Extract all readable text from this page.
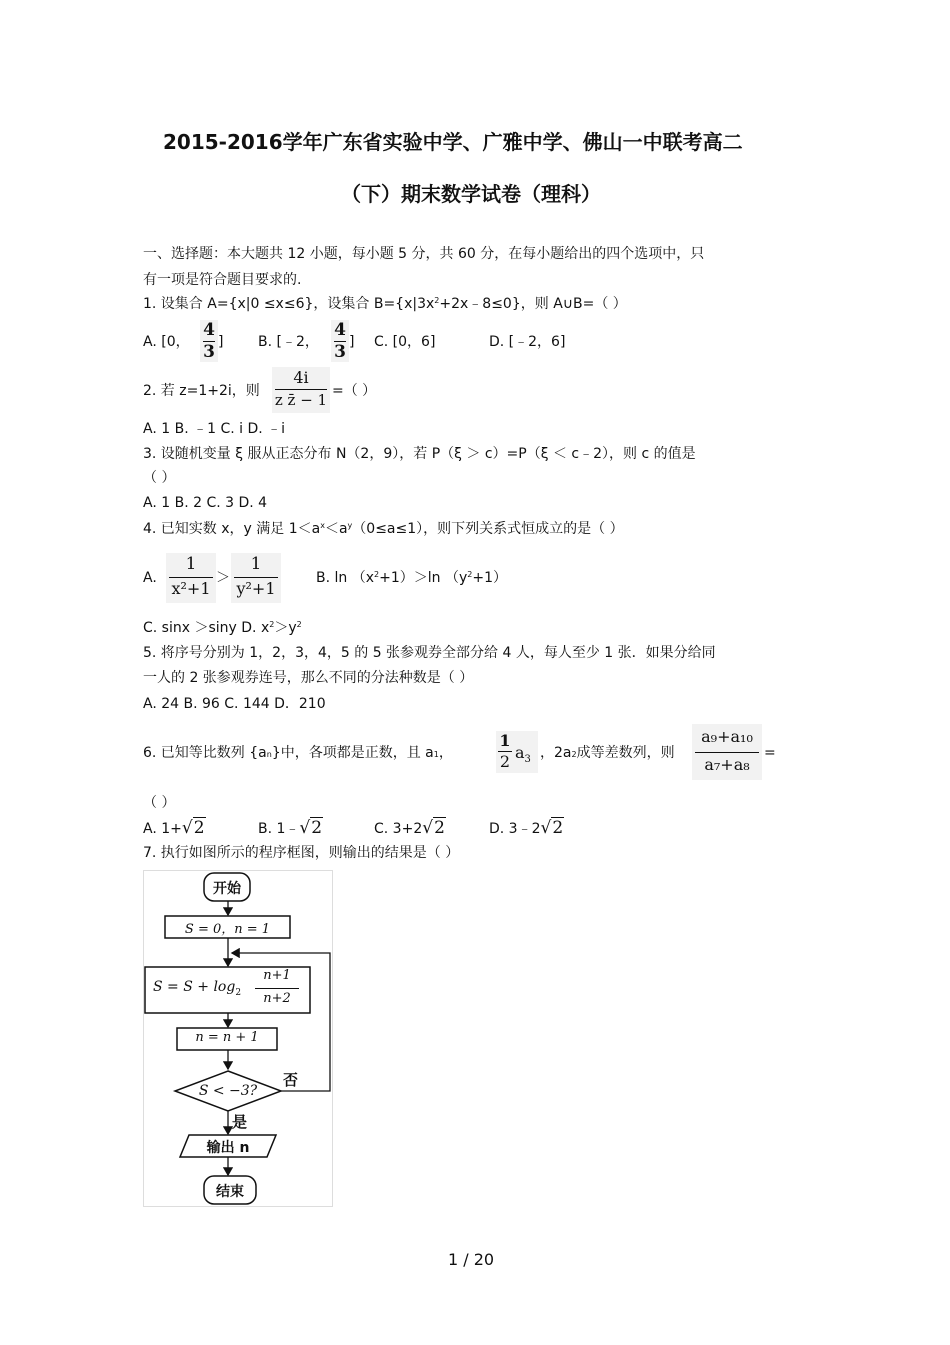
2015-2016学年广东省实验中学、广雅中学、佛山一中联考高二
（下）期末数学试卷（理科）
一、选择题：本大题共 12 小题，每小题 5 分，共 60 分，在每小题给出的四个选项中，只
有一项是符合题目要求的.
1. 设集合 A={x|0 ≤x≤6}，设集合 $B=\{x|3x^2+2x﹣8\le 0\}$，则 A∪B=（ ）
A. [0，
4
3 ] B. [﹣2，
4
3 ] C. [0，6]	D. [﹣2，6]
2. 若 z=1+2i，则
4i
z z̄ − 1 =（ ）
A. 1 B. ﹣1 C. i D. ﹣i
3. 设随机变量 ξ 服从正态分布 N（2，9），若 P（ξ ＞ c）=P（ξ ＜ c﹣2），则 c 的值是
（ ）
A. 1 B. 2 C. 3 D. 4
4. 已知实数 x，y 满足 $1<a^x<a^y(0\le a\le 1)$，则下列关系式恒成立的是（ ）
A.
1
x²+1
＞
1
y²+1
B. $\ln (x^2+1)>\ln$ $(y^2+1)$
C. sinx ＞siny D. $x^2>y^2$
5. 将序号分别为 1，2，3，4，5 的 5 张参观券全部分给 4 人，每人至少 1 张．如果分给同
一人的 2 张参观券连号，那么不同的分法种数是（ ）
A. 24 B. 96 C. 144 D．210
6. 已知等比数列 {an}中，各项都是正数，且 a1，
1
2 $a_3$ ，2a2成等差数列，则
a₉+a₁₀
a₇+a₈
=
（ ）
A. 1+√2	B. 1﹣√2	C. 3+2√2	D. 3﹣2√2
7. 执行如图所示的程序框图，则输出的结果是（ ）
开始
S = 0，n = 1
$S = S + \log_2$
n+1
n+2
n = n + 1
S < −3?
否
是
输出 n
结束
1 / 20
